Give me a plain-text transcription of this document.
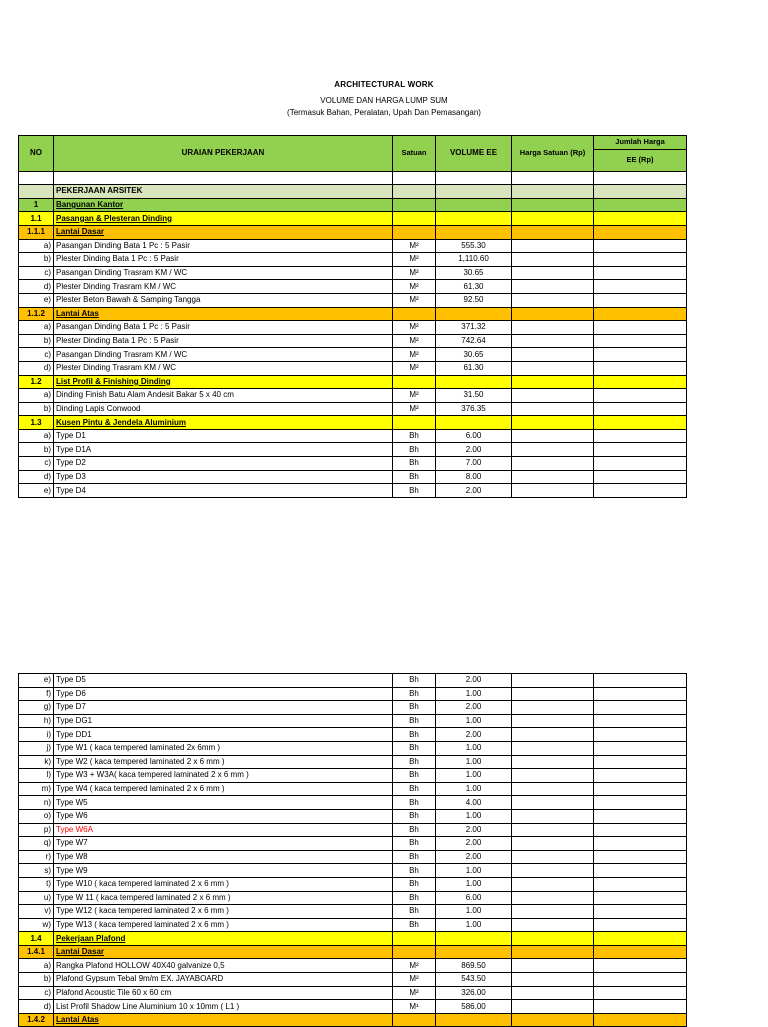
ARCHITECTURAL WORK
VOLUME DAN HARGA LUMP SUM
(Termasuk Bahan, Peralatan, Upah Dan Pemasangan)
NO	URAIAN PEKERJAAN	Satuan	VOLUME EE	Harga Satuan (Rp)	Jumlah Harga
					EE (Rp)

	PEKERJAAN ARSITEK				
1	Bangunan Kantor				
1.1	Pasangan & Plesteran Dinding				
1.1.1	Lantai Dasar				
a)	Pasangan Dinding Bata 1 Pc : 5 Pasir	M²	555.30		
b)	Plester Dinding Bata 1 Pc : 5 Pasir	M²	1,110.60		
c)	Pasangan Dinding Trasram KM / WC	M²	30.65		
d)	Plester Dinding Trasram KM / WC	M²	61.30		
e)	Plester Beton Bawah & Samping Tangga	M²	92.50		
1.1.2	Lantai Atas				
a)	Pasangan Dinding Bata 1 Pc : 5 Pasir	M²	371.32		
b)	Plester Dinding Bata 1 Pc : 5 Pasir	M²	742.64		
c)	Pasangan Dinding Trasram KM / WC	M²	30.65		
d)	Plester Dinding Trasram KM / WC	M²	61.30		
1.2	List Profil & Finishing Dinding				
a)	Dinding Finish Batu Alam Andesit Bakar 5 x 40 cm	M²	31.50		
b)	Dinding Lapis Conwood	M²	376.35		
1.3	Kusen Pintu & Jendela Aluminium				
a)	Type D1	Bh	6.00		
b)	Type D1A	Bh	2.00		
c)	Type D2	Bh	7.00		
d)	Type D3	Bh	8.00		
e)	Type D4	Bh	2.00		
e)	Type D5	Bh	2.00		
f)	Type D6	Bh	1.00		
g)	Type D7	Bh	2.00		
h)	Type DG1	Bh	1.00		
i)	Type DD1	Bh	2.00		
j)	Type W1 ( kaca tempered laminated 2x 6mm )	Bh	1.00		
k)	Type W2 ( kaca tempered laminated 2 x 6 mm )	Bh	1.00		
l)	Type W3 + W3A( kaca tempered laminated 2 x 6 mm )	Bh	1.00		
m)	Type W4 ( kaca tempered laminated 2 x 6 mm )	Bh	1.00		
n)	Type W5	Bh	4.00		
o)	Type W6	Bh	1.00		
p)	Type W6A	Bh	2.00		
q)	Type W7	Bh	2.00		
r)	Type W8	Bh	2.00		
s)	Type W9	Bh	1.00		
t)	Type W10 ( kaca tempered laminated 2 x 6 mm )	Bh	1.00		
u)	Type W 11 ( kaca tempered laminated 2 x 6 mm )	Bh	6.00		
v)	Type W12 ( kaca tempered laminated 2 x 6 mm )	Bh	1.00		
w)	Type W13 ( kaca tempered laminated 2 x 6 mm )	Bh	1.00		
1.4	Pekerjaan Plafond				
1.4.1	Lantai Dasar				
a)	Rangka Plafond HOLLOW 40X40 galvanize 0,5	M²	869.50		
b)	Plafond Gypsum Tebal 9m/m EX. JAYABOARD	M²	543.50		
c)	Plafond Acoustic Tile 60 x 60 cm	M²	326.00		
d)	List Profil Shadow Line Aluminium 10 x 10mm ( L1 )	M¹	586.00		
1.4.2	Lantai Atas				
